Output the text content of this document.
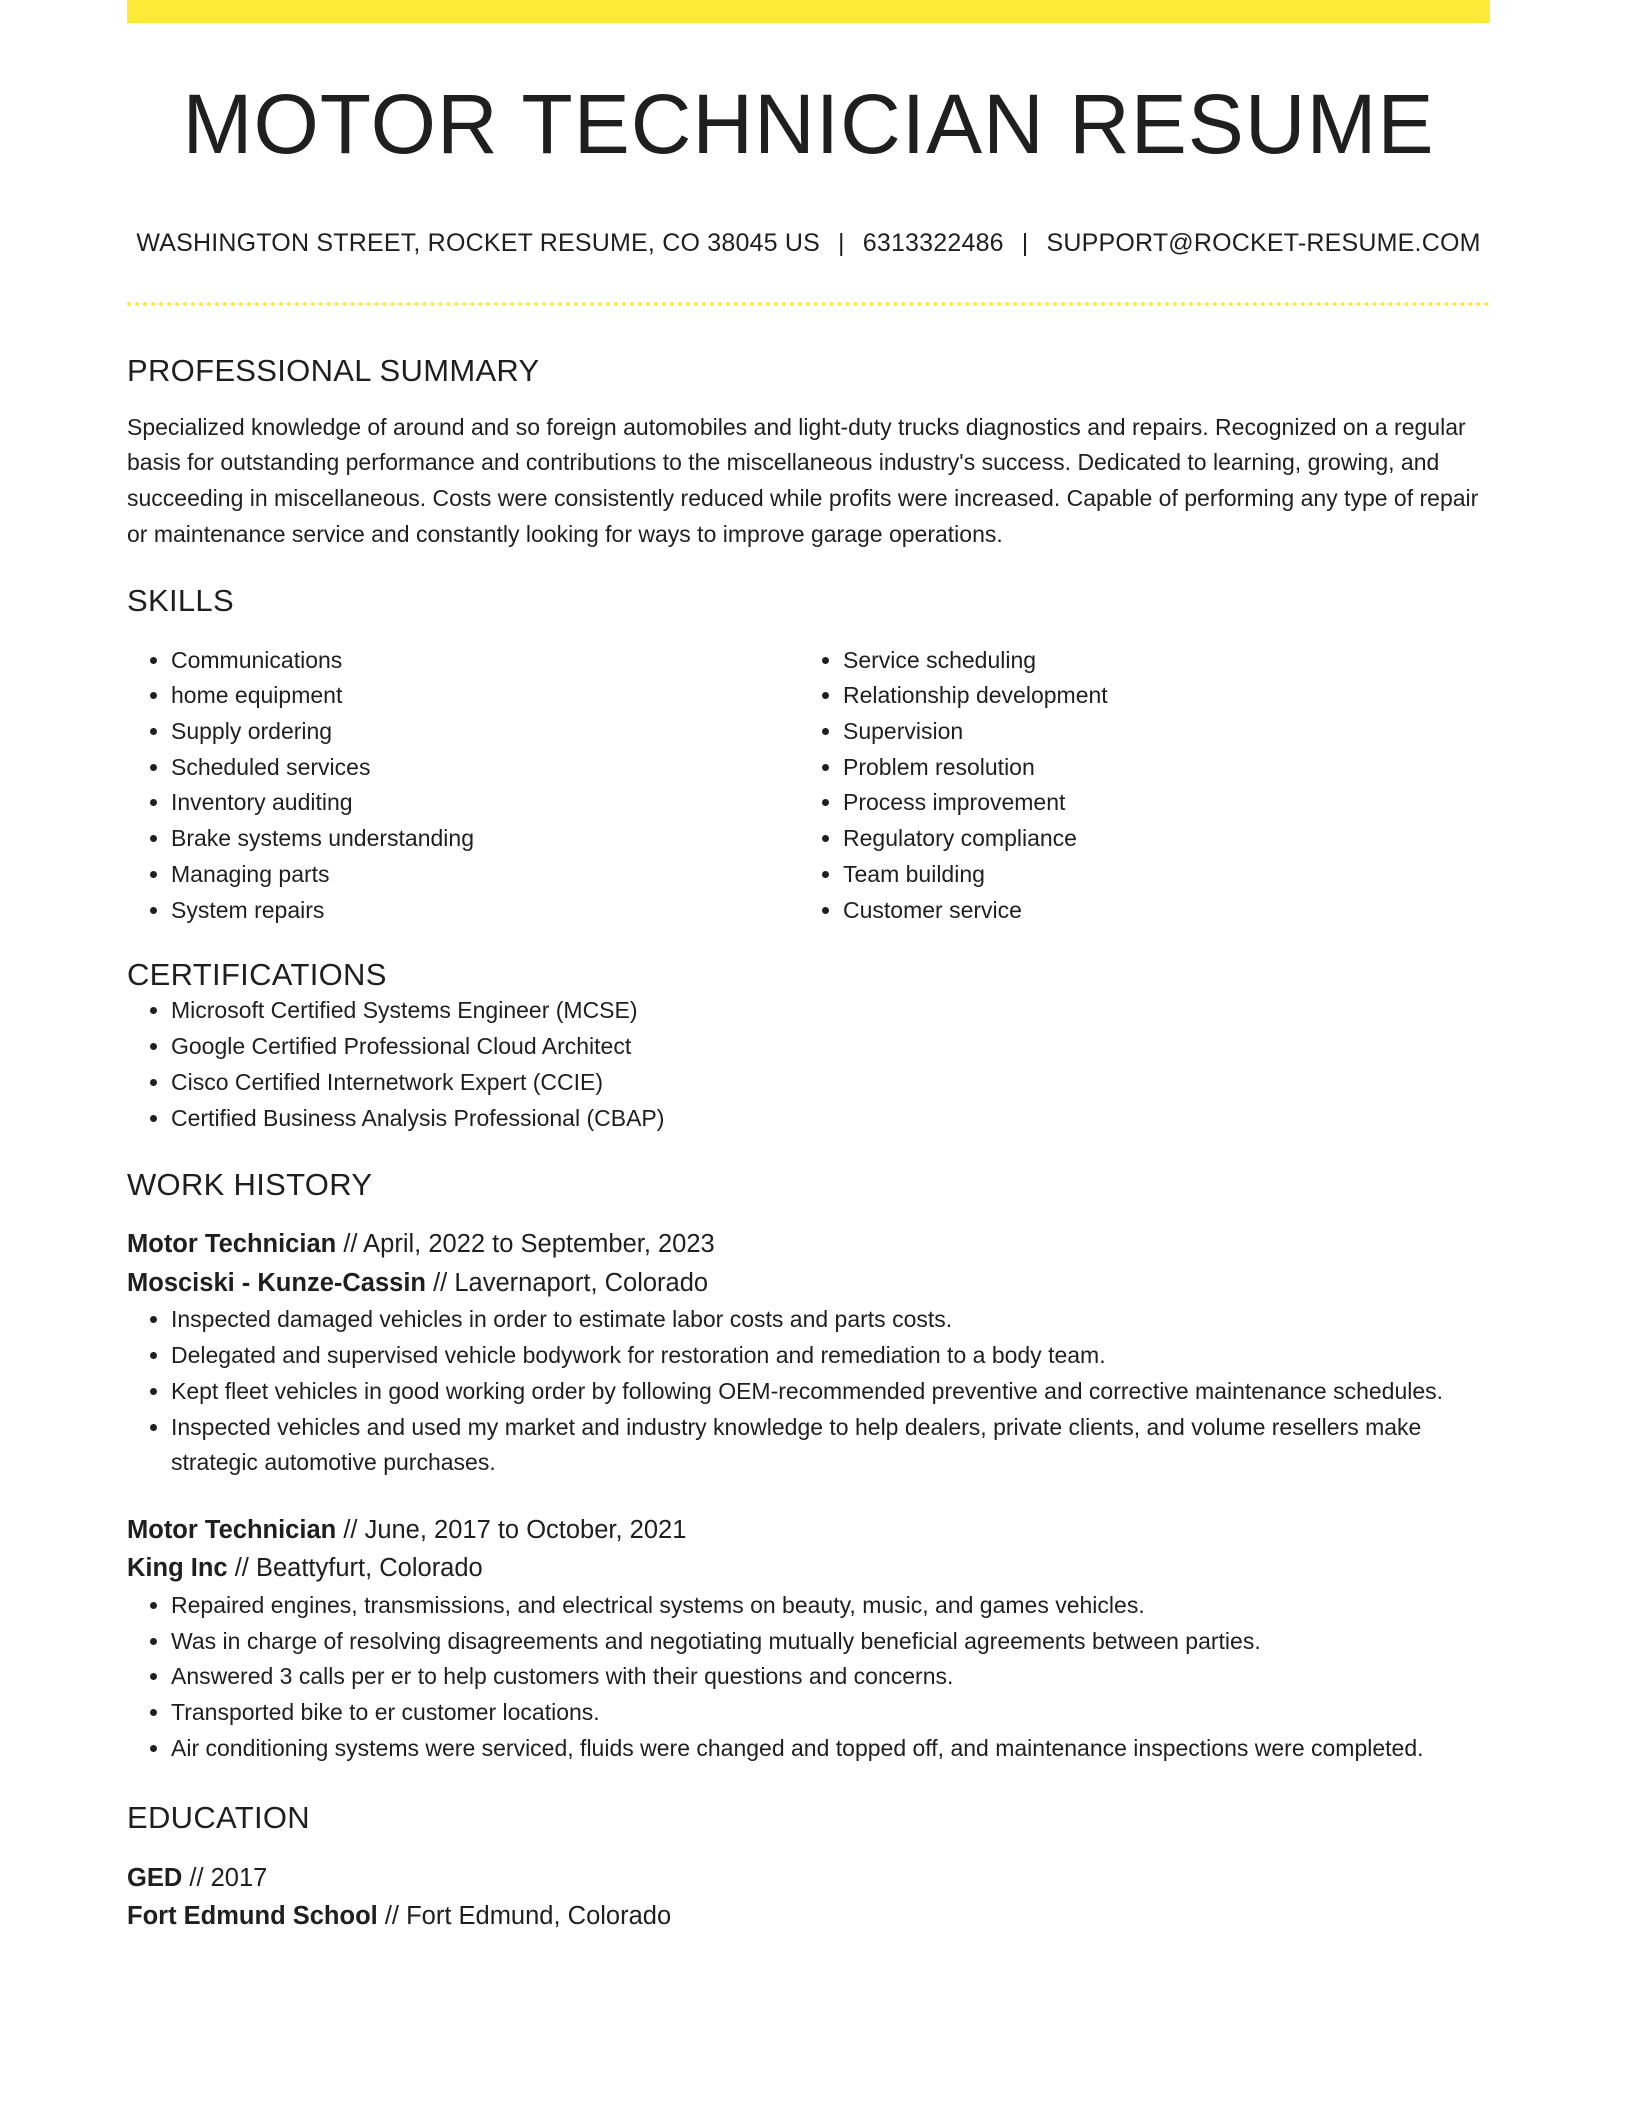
MOTOR TECHNICIAN RESUME
WASHINGTON STREET, ROCKET RESUME, CO 38045 US | 6313322486 | SUPPORT@ROCKET-RESUME.COM
PROFESSIONAL SUMMARY

Specialized knowledge of around and so foreign automobiles and light-duty trucks diagnostics and repairs. Recognized on a regular basis for outstanding performance and contributions to the miscellaneous industry's success. Dedicated to learning, growing, and succeeding in miscellaneous. Costs were consistently reduced while profits were increased. Capable of performing any type of repair or maintenance service and constantly looking for ways to improve garage operations.

SKILLS
• Communications
• home equipment
• Supply ordering
• Scheduled services
• Inventory auditing
• Brake systems understanding
• Managing parts
• System repairs
• Service scheduling
• Relationship development
• Supervision
• Problem resolution
• Process improvement
• Regulatory compliance
• Team building
• Customer service
CERTIFICATIONS
• Microsoft Certified Systems Engineer (MCSE)
• Google Certified Professional Cloud Architect
• Cisco Certified Internetwork Expert (CCIE)
• Certified Business Analysis Professional (CBAP)
WORK HISTORY
Motor Technician // April, 2022 to September, 2023
Mosciski - Kunze-Cassin // Lavernaport, Colorado
• Inspected damaged vehicles in order to estimate labor costs and parts costs.
• Delegated and supervised vehicle bodywork for restoration and remediation to a body team.
• Kept fleet vehicles in good working order by following OEM-recommended preventive and corrective maintenance schedules.
• Inspected vehicles and used my market and industry knowledge to help dealers, private clients, and volume resellers make strategic automotive purchases.
Motor Technician // June, 2017 to October, 2021
King Inc // Beattyfurt, Colorado
• Repaired engines, transmissions, and electrical systems on beauty, music, and games vehicles.
• Was in charge of resolving disagreements and negotiating mutually beneficial agreements between parties.
• Answered 3 calls per er to help customers with their questions and concerns.
• Transported bike to er customer locations.
• Air conditioning systems were serviced, fluids were changed and topped off, and maintenance inspections were completed.
EDUCATION
GED // 2017
Fort Edmund School // Fort Edmund, Colorado
